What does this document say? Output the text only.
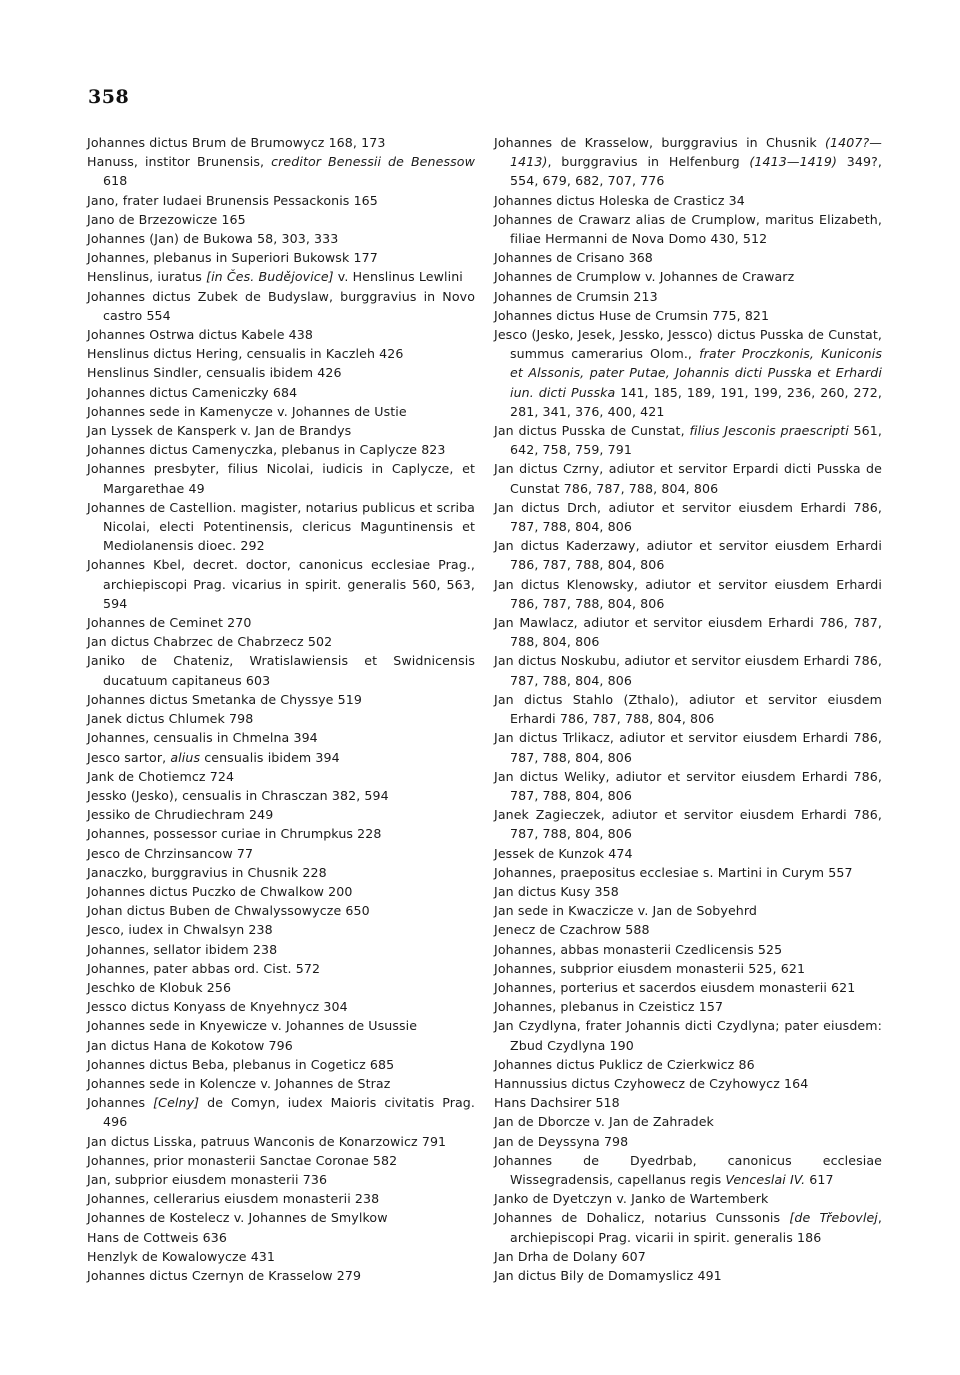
358
Johannes dictus Brum de Brumowycz 168, 173
Hanuss, institor Brunensis, creditor Benessii de Benessow 618
Jano, frater Iudaei Brunensis Pessackonis 165
Jano de Brzezowicze 165
Johannes (Jan) de Bukowa 58, 303, 333
Johannes, plebanus in Superiori Bukowsk 177
Henslinus, iuratus [in Čes. Budějovice] v. Henslinus Lewlini
Johannes dictus Zubek de Budyslaw, burggravius in Novo castro 554
Johannes Ostrwa dictus Kabele 438
Henslinus dictus Hering, censualis in Kaczleh 426
Henslinus Sindler, censualis ibidem 426
Johannes dictus Cameniczky 684
Johannes sede in Kamenycze v. Johannes de Ustie
Jan Lyssek de Kansperk v. Jan de Brandys
Johannes dictus Camenyczka, plebanus in Caplycze 823
Johannes presbyter, filius Nicolai, iudicis in Caplycze, et Margarethae 49
Johannes de Castellion. magister, notarius publicus et scriba Nicolai, electi Potentinensis, clericus Maguntinensis et Mediolanensis dioec. 292
Johannes Kbel, decret. doctor, canonicus ecclesiae Prag., archiepiscopi Prag. vicarius in spirit. generalis 560, 563, 594
Johannes de Ceminet 270
Jan dictus Chabrzec de Chabrzecz 502
Janiko de Chateniz, Wratislawiensis et Swidnicensis ducatuum capitaneus 603
Johannes dictus Smetanka de Chyssye 519
Janek dictus Chlumek 798
Johannes, censualis in Chmelna 394
Jesco sartor, alius censualis ibidem 394
Jank de Chotiemcz 724
Jessko (Jesko), censualis in Chrasczan 382, 594
Jessiko de Chrudiechram 249
Johannes, possessor curiae in Chrumpkus 228
Jesco de Chrzinsancow 77
Janaczko, burggravius in Chusnik 228
Johannes dictus Puczko de Chwalkow 200
Johan dictus Buben de Chwalyssowycze 650
Jesco, iudex in Chwalsyn 238
Johannes, sellator ibidem 238
Johannes, pater abbas ord. Cist. 572
Jeschko de Klobuk 256
Jessco dictus Konyass de Knyehnycz 304
Johannes sede in Knyewicze v. Johannes de Usussie
Jan dictus Hana de Kokotow 796
Johannes dictus Beba, plebanus in Cogeticz 685
Johannes sede in Kolencze v. Johannes de Straz
Johannes [Celny] de Comyn, iudex Maioris civitatis Prag. 496
Jan dictus Lisska, patruus Wanconis de Konarzowicz 791
Johannes, prior monasterii Sanctae Coronae 582
Jan, subprior eiusdem monasterii 736
Johannes, cellerarius eiusdem monasterii 238
Johannes de Kostelecz v. Johannes de Smylkow
Hans de Cottweis 636
Henzlyk de Kowalowycze 431
Johannes dictus Czernyn de Krasselow 279
Johannes de Krasselow, burggravius in Chusnik (1407?—1413), burggravius in Helfenburg (1413—1419) 349?, 554, 679, 682, 707, 776
Johannes dictus Holeska de Crasticz 34
Johannes de Crawarz alias de Crumplow, maritus Elizabeth, filiae Hermanni de Nova Domo 430, 512
Johannes de Crisano 368
Johannes de Crumplow v. Johannes de Crawarz
Johannes de Crumsin 213
Johannes dictus Huse de Crumsin 775, 821
Jesco (Jesko, Jesek, Jessko, Jessco) dictus Pusska de Cunstat, summus camerarius Olom., frater Proczkonis, Kuniconis et Alssonis, pater Putae, Johannis dicti Pusska et Erhardi iun. dicti Pusska 141, 185, 189, 191, 199, 236, 260, 272, 281, 341, 376, 400, 421
Jan dictus Pusska de Cunstat, filius Jesconis praescripti 561, 642, 758, 759, 791
Jan dictus Czrny, adiutor et servitor Erpardi dicti Pusska de Cunstat 786, 787, 788, 804, 806
Jan dictus Drch, adiutor et servitor eiusdem Erhardi 786, 787, 788, 804, 806
Jan dictus Kaderzawy, adiutor et servitor eiusdem Erhardi 786, 787, 788, 804, 806
Jan dictus Klenowsky, adiutor et servitor eiusdem Erhardi 786, 787, 788, 804, 806
Jan Mawlacz, adiutor et servitor eiusdem Erhardi 786, 787, 788, 804, 806
Jan dictus Noskubu, adiutor et servitor eiusdem Erhardi 786, 787, 788, 804, 806
Jan dictus Stahlo (Zthalo), adiutor et servitor eiusdem Erhardi 786, 787, 788, 804, 806
Jan dictus Trlikacz, adiutor et servitor eiusdem Erhardi 786, 787, 788, 804, 806
Jan dictus Weliky, adiutor et servitor eiusdem Erhardi 786, 787, 788, 804, 806
Janek Zagieczek, adiutor et servitor eiusdem Erhardi 786, 787, 788, 804, 806
Jessek de Kunzok 474
Johannes, praepositus ecclesiae s. Martini in Curym 557
Jan dictus Kusy 358
Jan sede in Kwaczicze v. Jan de Sobyehrd
Jenecz de Czachrow 588
Johannes, abbas monasterii Czedlicensis 525
Johannes, subprior eiusdem monasterii 525, 621
Johannes, porterius et sacerdos eiusdem monasterii 621
Johannes, plebanus in Czeisticz 157
Jan Czydlyna, frater Johannis dicti Czydlyna; pater eiusdem: Zbud Czydlyna 190
Johannes dictus Puklicz de Czierkwicz 86
Hannussius dictus Czyhowecz de Czyhowycz 164
Hans Dachsirer 518
Jan de Dborcze v. Jan de Zahradek
Jan de Deyssyna 798
Johannes de Dyedrbab, canonicus ecclesiae Wissegradensis, capellanus regis Venceslai IV. 617
Janko de Dyetczyn v. Janko de Wartemberk
Johannes de Dohalicz, notarius Cunssonis [de Třebovlej, archiepiscopi Prag. vicarii in spirit. generalis 186
Jan Drha de Dolany 607
Jan dictus Bily de Domamyslicz 491
